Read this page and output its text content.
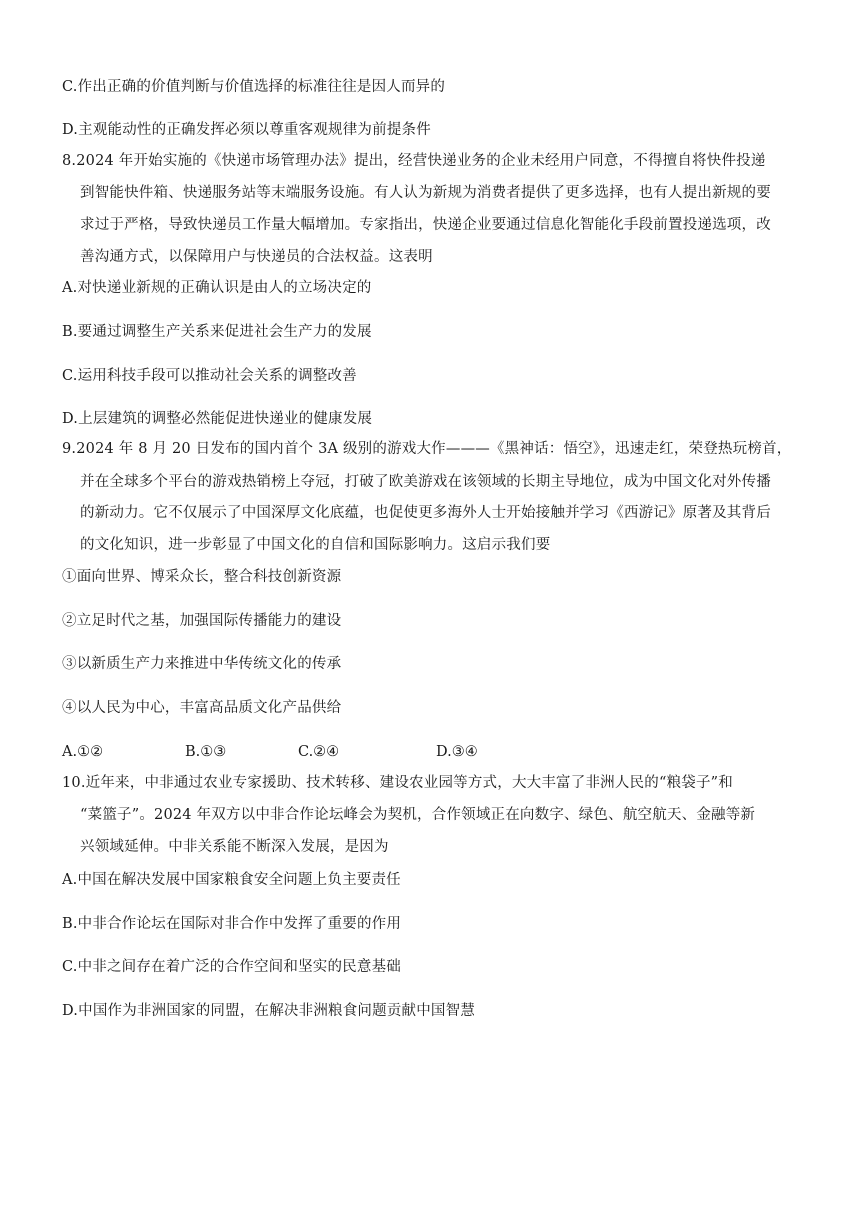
C.作出正确的价值判断与价值选择的标准往往是因人而异的
D.主观能动性的正确发挥必须以尊重客观规律为前提条件
8.2024 年开始实施的《快递市场管理办法》提出，经营快递业务的企业未经用户同意，不得擅自将快件投递
到智能快件箱、快递服务站等末端服务设施。有人认为新规为消费者提供了更多选择，也有人提出新规的要
求过于严格，导致快递员工作量大幅增加。专家指出，快递企业要通过信息化智能化手段前置投递选项，改
善沟通方式，以保障用户与快递员的合法权益。这表明
A.对快递业新规的正确认识是由人的立场决定的
B.要通过调整生产关系来促进社会生产力的发展
C.运用科技手段可以推动社会关系的调整改善
D.上层建筑的调整必然能促进快递业的健康发展
9.2024 年 8 月 20 日发布的国内首个 3A 级别的游戏大作———《黑神话：悟空》，迅速走红，荣登热玩榜首，
并在全球多个平台的游戏热销榜上夺冠，打破了欧美游戏在该领域的长期主导地位，成为中国文化对外传播
的新动力。它不仅展示了中国深厚文化底蕴，也促使更多海外人士开始接触并学习《西游记》原著及其背后
的文化知识，进一步彰显了中国文化的自信和国际影响力。这启示我们要
①面向世界、博采众长，整合科技创新资源
②立足时代之基，加强国际传播能力的建设
③以新质生产力来推进中华传统文化的传承
④以人民为中心，丰富高品质文化产品供给
A.①②	B.①③	C.②④	D.③④
10.近年来，中非通过农业专家援助、技术转移、建设农业园等方式，大大丰富了非洲人民的“粮袋子”和
“菜篮子”。2024 年双方以中非合作论坛峰会为契机，合作领域正在向数字、绿色、航空航天、金融等新
兴领域延伸。中非关系能不断深入发展，是因为
A.中国在解决发展中国家粮食安全问题上负主要责任
B.中非合作论坛在国际对非合作中发挥了重要的作用
C.中非之间存在着广泛的合作空间和坚实的民意基础
D.中国作为非洲国家的同盟，在解决非洲粮食问题贡献中国智慧
